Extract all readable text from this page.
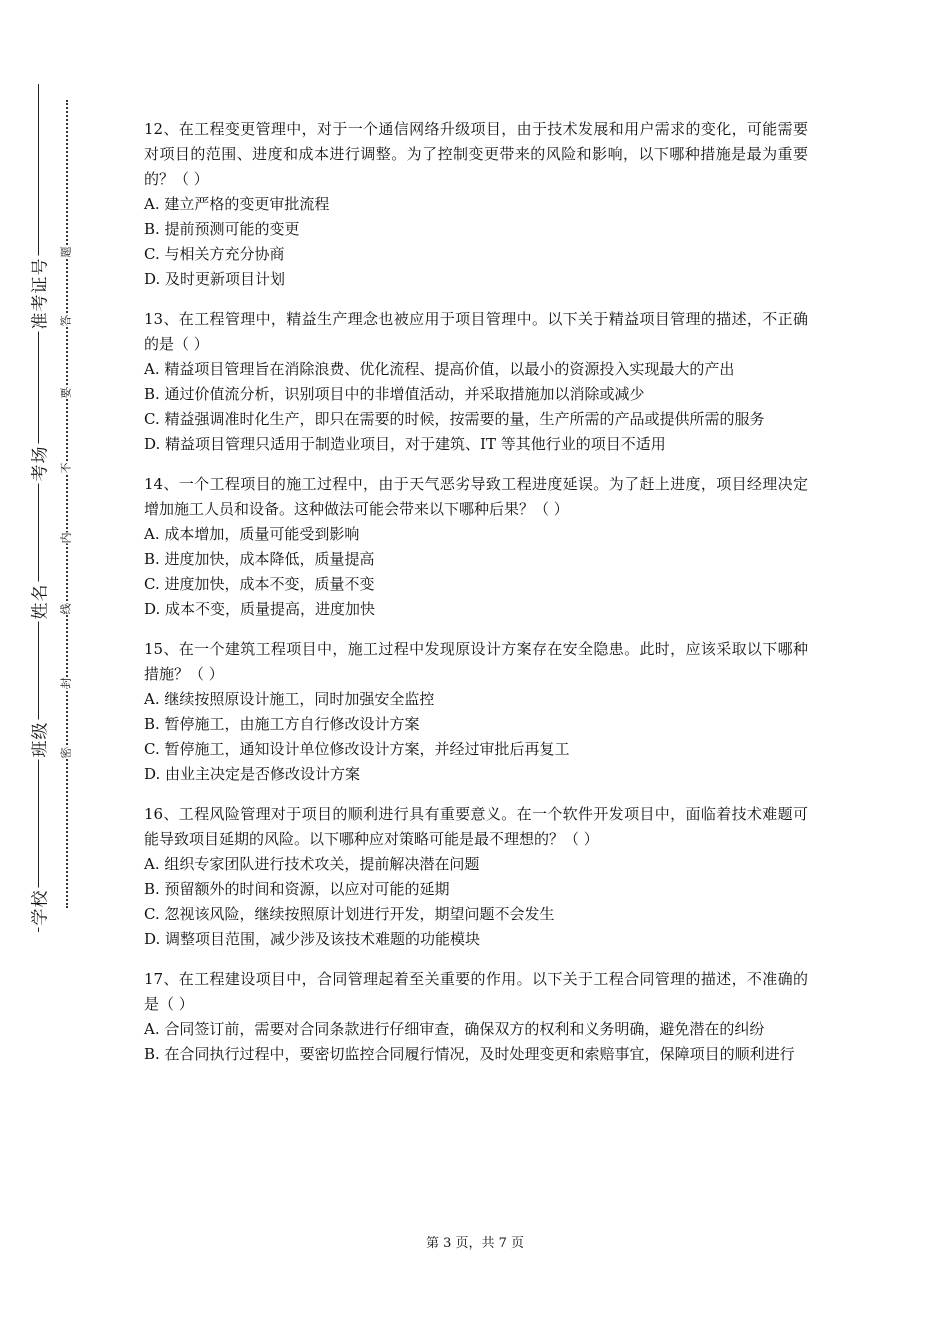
准考证号
考场
姓名
班级
学校
题
答
要
不
内
线
封
密

12、在工程变更管理中，对于一个通信网络升级项目，由于技术发展和用户需求的变化，可能需要对项目的范围、进度和成本进行调整。为了控制变更带来的风险和影响，以下哪种措施是最为重要的？（ ）

A. 建立严格的变更审批流程

B. 提前预测可能的变更

C. 与相关方充分协商

D. 及时更新项目计划

13、在工程管理中，精益生产理念也被应用于项目管理中。以下关于精益项目管理的描述，不正确的是（ ）

A. 精益项目管理旨在消除浪费、优化流程、提高价值，以最小的资源投入实现最大的产出

B. 通过价值流分析，识别项目中的非增值活动，并采取措施加以消除或减少

C. 精益强调准时化生产，即只在需要的时候，按需要的量，生产所需的产品或提供所需的服务

D. 精益项目管理只适用于制造业项目，对于建筑、IT 等其他行业的项目不适用

14、一个工程项目的施工过程中，由于天气恶劣导致工程进度延误。为了赶上进度，项目经理决定增加施工人员和设备。这种做法可能会带来以下哪种后果？（ ）

A. 成本增加，质量可能受到影响

B. 进度加快，成本降低，质量提高

C. 进度加快，成本不变，质量不变

D. 成本不变，质量提高，进度加快

15、在一个建筑工程项目中，施工过程中发现原设计方案存在安全隐患。此时，应该采取以下哪种措施？（ ）

A. 继续按照原设计施工，同时加强安全监控

B. 暂停施工，由施工方自行修改设计方案

C. 暂停施工，通知设计单位修改设计方案，并经过审批后再复工

D. 由业主决定是否修改设计方案

16、工程风险管理对于项目的顺利进行具有重要意义。在一个软件开发项目中，面临着技术难题可能导致项目延期的风险。以下哪种应对策略可能是最不理想的？（ ）

A. 组织专家团队进行技术攻关，提前解决潜在问题

B. 预留额外的时间和资源，以应对可能的延期

C. 忽视该风险，继续按照原计划进行开发，期望问题不会发生

D. 调整项目范围，减少涉及该技术难题的功能模块

17、在工程建设项目中，合同管理起着至关重要的作用。以下关于工程合同管理的描述，不准确的是（ ）

A. 合同签订前，需要对合同条款进行仔细审查，确保双方的权利和义务明确，避免潜在的纠纷

B. 在合同执行过程中，要密切监控合同履行情况，及时处理变更和索赔事宜，保障项目的顺利进行

第 3 页，共 7 页
